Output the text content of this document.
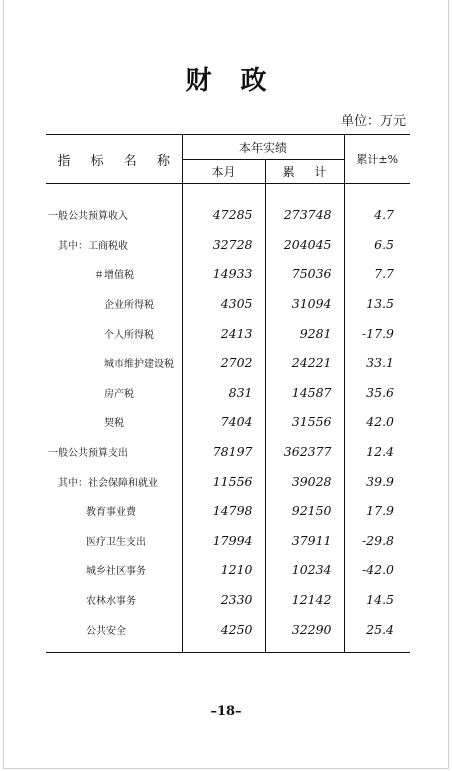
财 政
单位：万元
指 标 名 称	本年实绩		累计±%
	本月	累 计	
一般公共预算收入	47285	273748	4.7
其中：工商税收	32728	204045	6.5
＃增值税	14933	75036	7.7
企业所得税	4305	31094	13.5
个人所得税	2413	9281	-17.9
城市维护建设税	2702	24221	33.1
房产税	831	14587	35.6
契税	7404	31556	42.0
一般公共预算支出	78197	362377	12.4
其中：社会保障和就业	11556	39028	39.9
教育事业费	14798	92150	17.9
医疗卫生支出	17994	37911	-29.8
城乡社区事务	1210	10234	-42.0
农林水事务	2330	12142	14.5
公共安全	4250	32290	25.4
–18–
